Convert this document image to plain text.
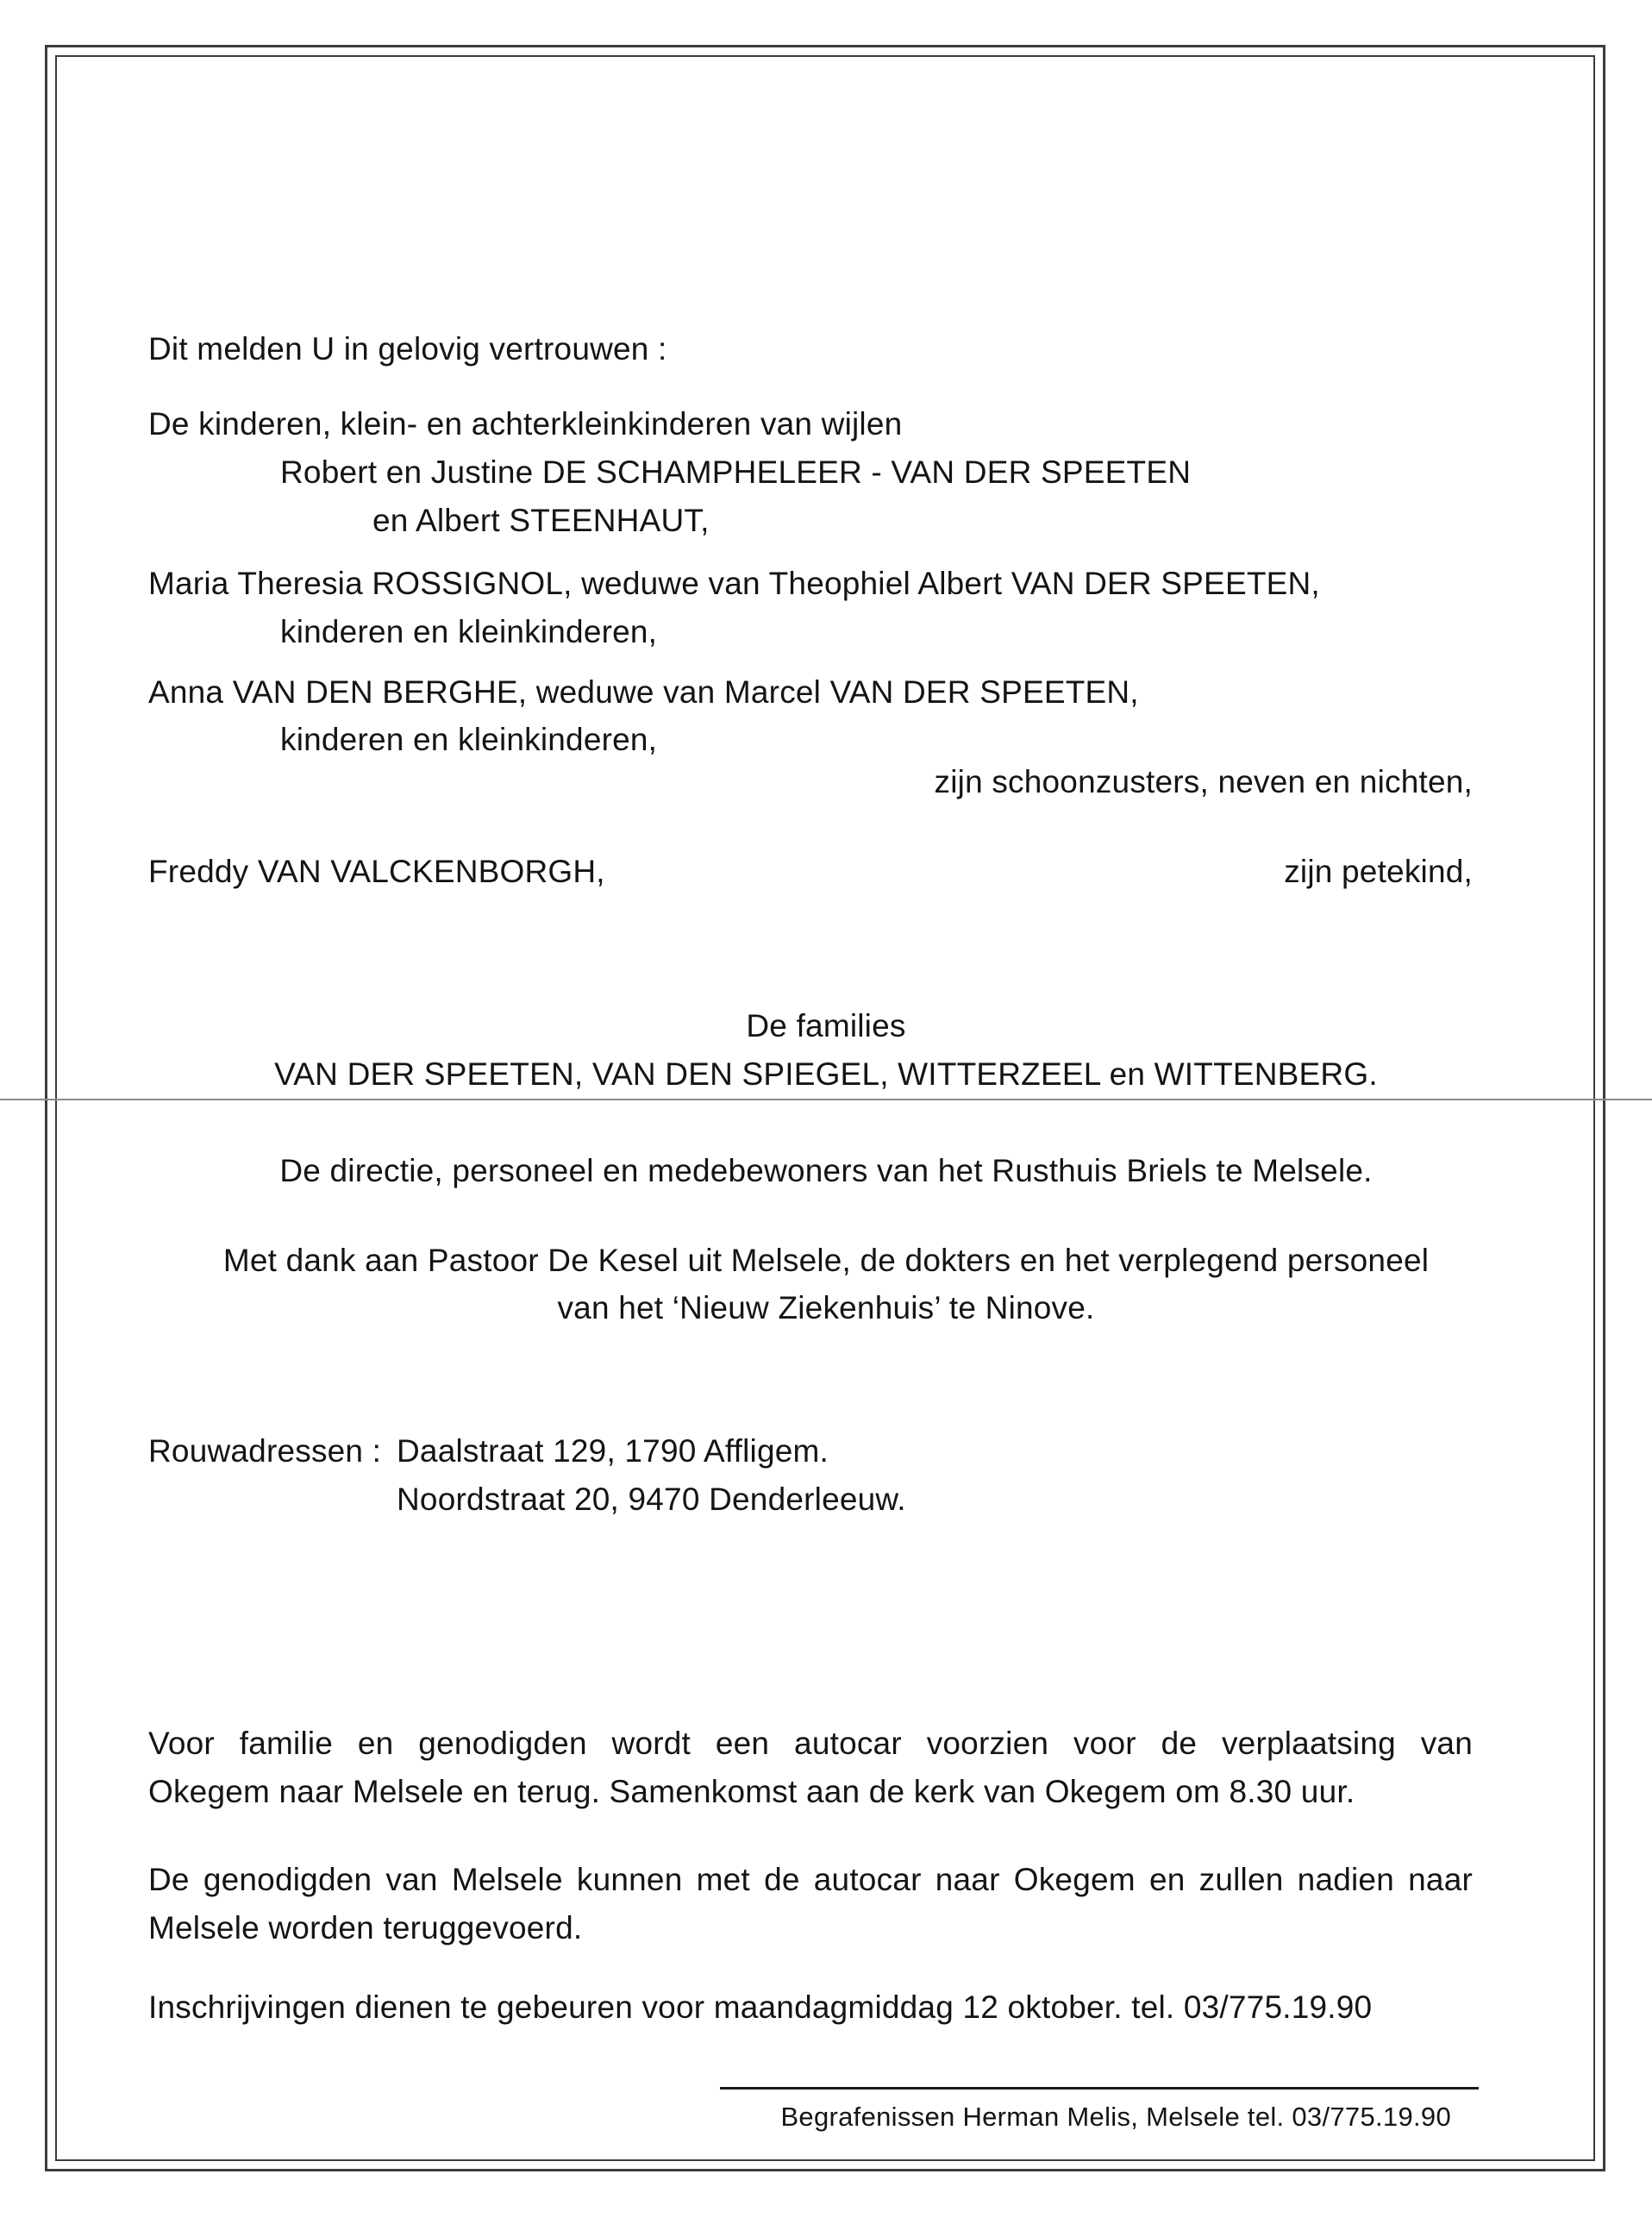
Dit melden U in gelovig vertrouwen :
De kinderen, klein- en achterkleinkinderen van wijlen
Robert en Justine DE SCHAMPHELEER - VAN DER SPEETEN
en Albert STEENHAUT,
Maria Theresia ROSSIGNOL, weduwe van Theophiel Albert VAN DER SPEETEN,
kinderen en kleinkinderen,
Anna VAN DEN BERGHE, weduwe van Marcel VAN DER SPEETEN,
kinderen en kleinkinderen,
zijn schoonzusters, neven en nichten,
Freddy VAN VALCKENBORGH,	zijn petekind,
De families
VAN DER SPEETEN, VAN DEN SPIEGEL, WITTERZEEL en WITTENBERG.
De directie, personeel en medebewoners van het Rusthuis Briels te Melsele.
Met dank aan Pastoor De Kesel uit Melsele, de dokters en het verplegend personeel
van het ‘Nieuw Ziekenhuis’ te Ninove.
Rouwadressen : Daalstraat 129, 1790 Affligem.
Noordstraat 20, 9470 Denderleeuw.
Voor familie en genodigden wordt een autocar voorzien voor de verplaatsing van
Okegem naar Melsele en terug. Samenkomst aan de kerk van Okegem om 8.30 uur.
De genodigden van Melsele kunnen met de autocar naar Okegem en zullen nadien naar
Melsele worden teruggevoerd.
Inschrijvingen dienen te gebeuren voor maandagmiddag 12 oktober. tel. 03/775.19.90
Begrafenissen Herman Melis, Melsele tel. 03/775.19.90
